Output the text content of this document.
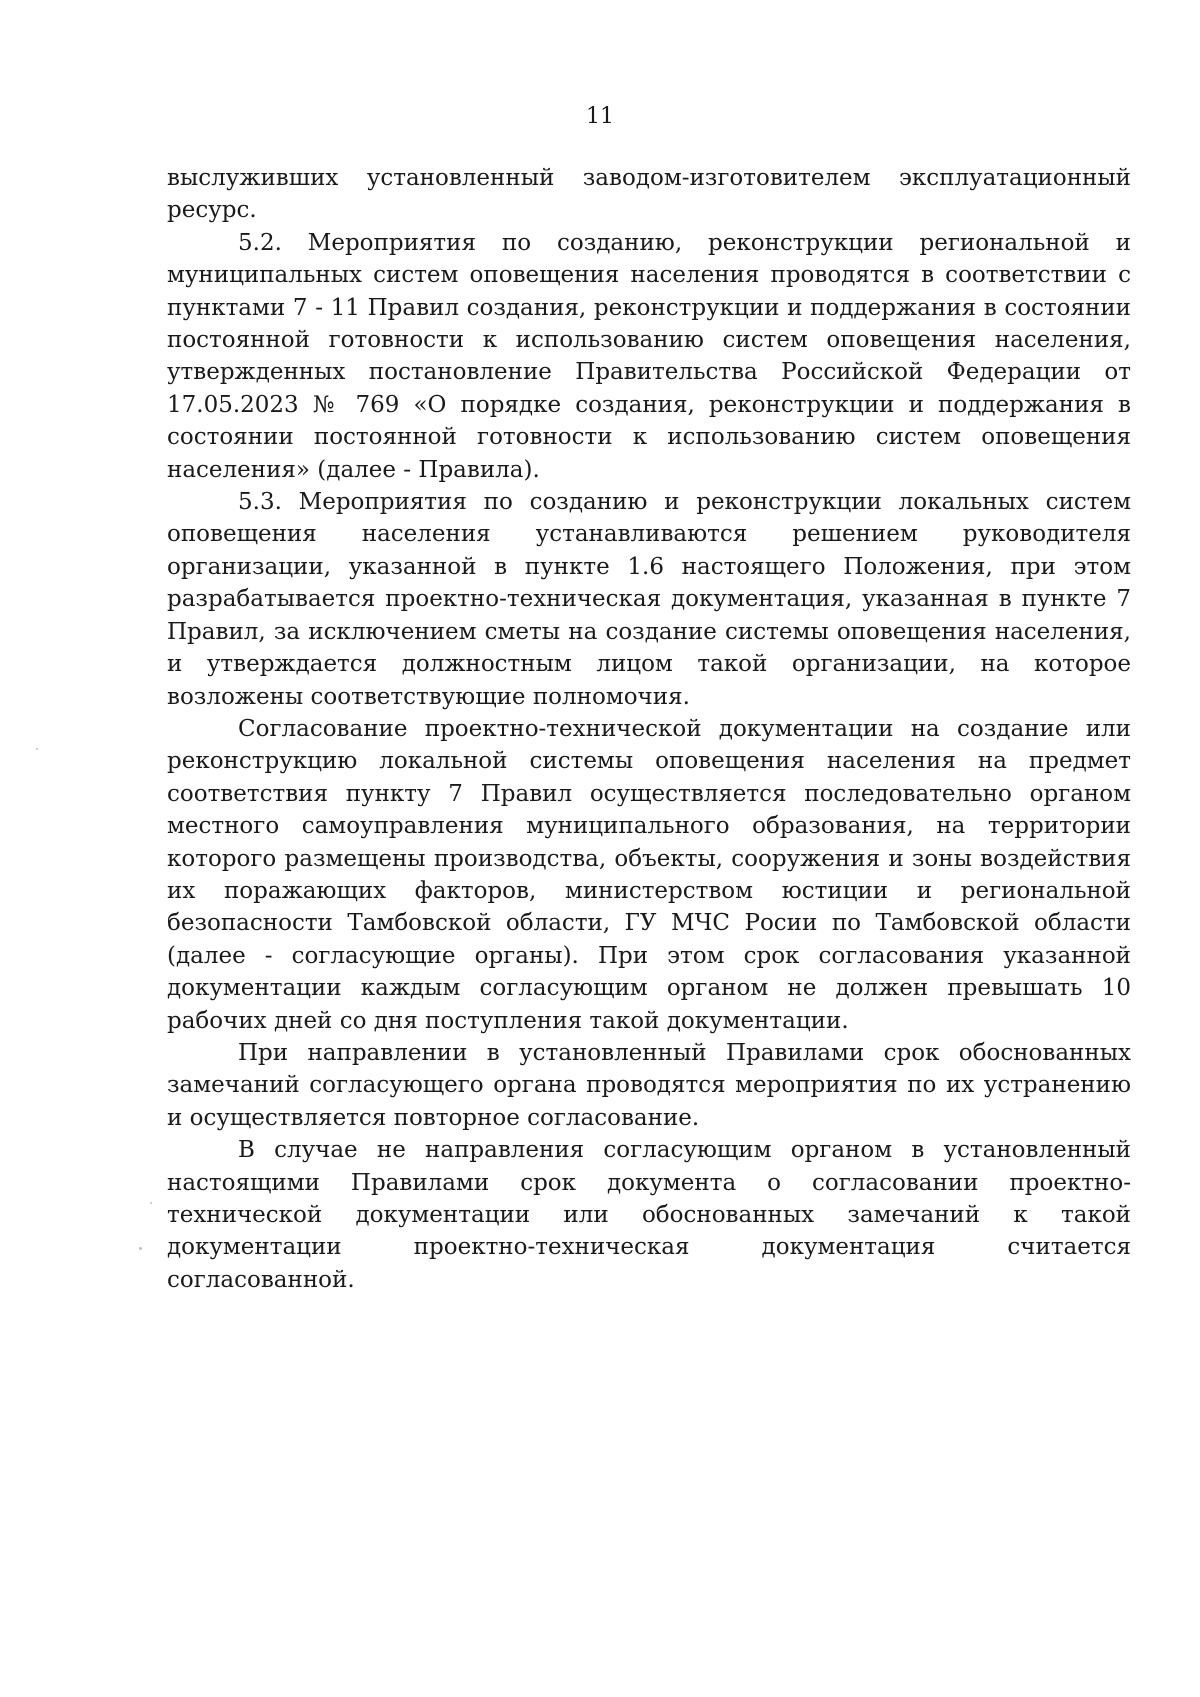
11

выслуживших установленный заводом-изготовителем эксплуатационный ресурс.

5.2. Мероприятия по созданию, реконструкции региональной и муниципальных систем оповещения населения проводятся в соответствии с пунктами 7 - 11 Правил создания, реконструкции и поддержания в состоянии постоянной готовности к использованию систем оповещения населения, утвержденных постановление Правительства Российской Федерации от 17.05.2023 № 769 «О порядке создания, реконструкции и поддержания в состоянии постоянной готовности к использованию систем оповещения населения» (далее - Правила).

5.3. Мероприятия по созданию и реконструкции локальных систем оповещения населения устанавливаются решением руководителя организации, указанной в пункте 1.6 настоящего Положения, при этом разрабатывается проектно-техническая документация, указанная в пункте 7 Правил, за исключением сметы на создание системы оповещения населения, и утверждается должностным лицом такой организации, на которое возложены соответствующие полномочия.

Согласование проектно-технической документации на создание или реконструкцию локальной системы оповещения населения на предмет соответствия пункту 7 Правил осуществляется последовательно органом местного самоуправления муниципального образования, на территории которого размещены производства, объекты, сооружения и зоны воздействия их поражающих факторов, министерством юстиции и региональной безопасности Тамбовской области, ГУ МЧС Росии по Тамбовской области (далее - согласующие органы). При этом срок согласования указанной документации каждым согласующим органом не должен превышать 10 рабочих дней со дня поступления такой документации.

При направлении в установленный Правилами срок обоснованных замечаний согласующего органа проводятся мероприятия по их устранению и осуществляется повторное согласование.

В случае не направления согласующим органом в установленный настоящими Правилами срок документа о согласовании проектно-технической документации или обоснованных замечаний к такой документации проектно-техническая документация считается согласованной.
